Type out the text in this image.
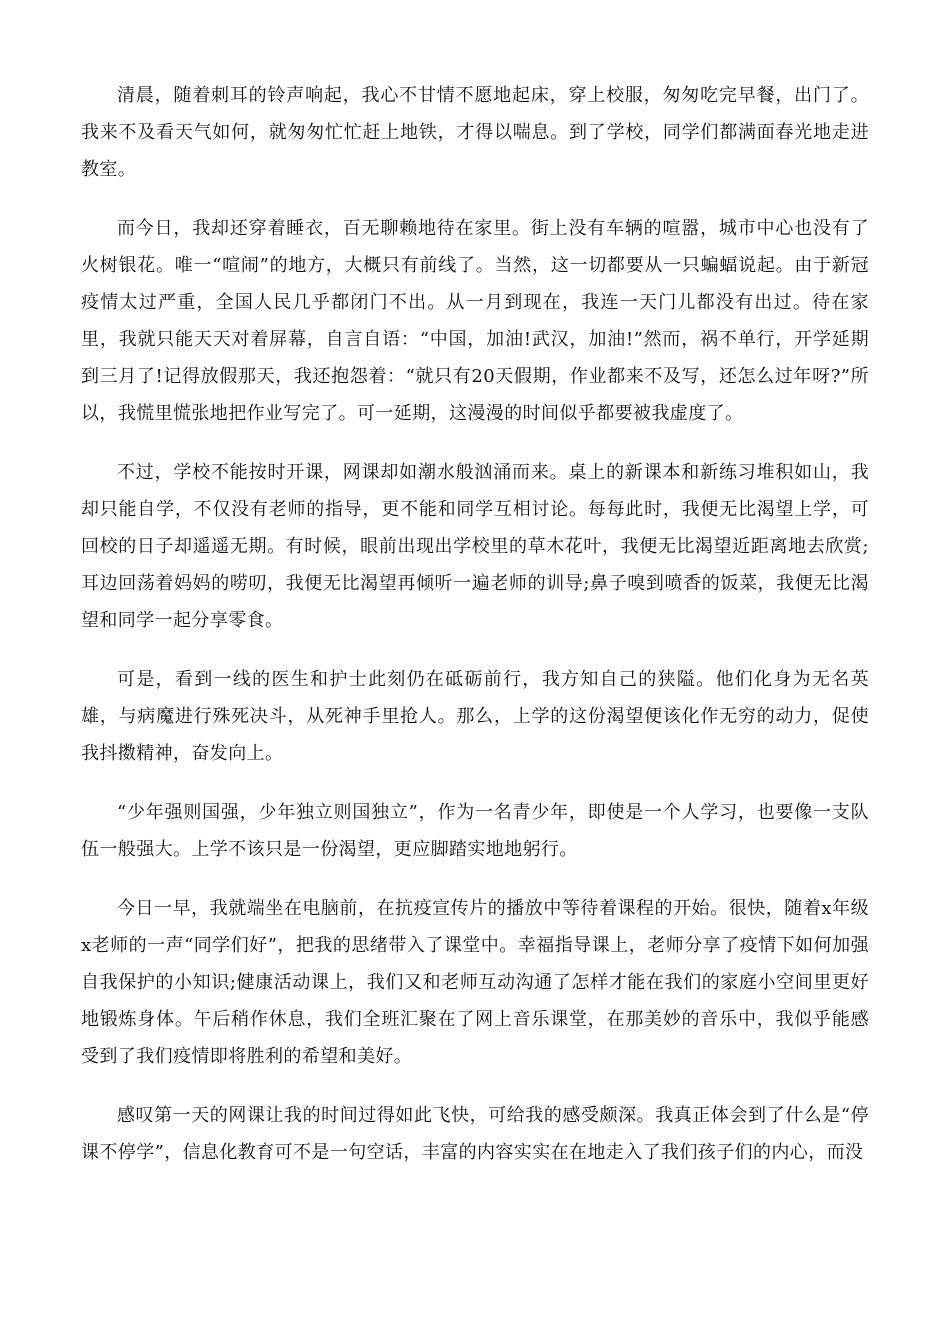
清晨，随着刺耳的铃声响起，我心不甘情不愿地起床，穿上校服，匆匆吃完早餐，出门了。我来不及看天气如何，就匆匆忙忙赶上地铁，才得以喘息。到了学校，同学们都满面春光地走进教室。

而今日，我却还穿着睡衣，百无聊赖地待在家里。街上没有车辆的喧嚣，城市中心也没有了火树银花。唯一“喧闹”的地方，大概只有前线了。当然，这一切都要从一只蝙蝠说起。由于新冠疫情太过严重，全国人民几乎都闭门不出。从一月到现在，我连一天门儿都没有出过。待在家里，我就只能天天对着屏幕，自言自语：“中国，加油!武汉，加油!”然而，祸不单行，开学延期到三月了!记得放假那天，我还抱怨着：“就只有20天假期，作业都来不及写，还怎么过年呀?”所以，我慌里慌张地把作业写完了。可一延期，这漫漫的时间似乎都要被我虚度了。

不过，学校不能按时开课，网课却如潮水般汹涌而来。桌上的新课本和新练习堆积如山，我却只能自学，不仅没有老师的指导，更不能和同学互相讨论。每每此时，我便无比渴望上学，可回校的日子却遥遥无期。有时候，眼前出现出学校里的草木花叶，我便无比渴望近距离地去欣赏;耳边回荡着妈妈的唠叨，我便无比渴望再倾听一遍老师的训导;鼻子嗅到喷香的饭菜，我便无比渴望和同学一起分享零食。

可是，看到一线的医生和护士此刻仍在砥砺前行，我方知自己的狭隘。他们化身为无名英雄，与病魔进行殊死决斗，从死神手里抢人。那么，上学的这份渴望便该化作无穷的动力，促使我抖擞精神，奋发向上。

“少年强则国强，少年独立则国独立”，作为一名青少年，即使是一个人学习，也要像一支队伍一般强大。上学不该只是一份渴望，更应脚踏实地地躬行。

今日一早，我就端坐在电脑前，在抗疫宣传片的播放中等待着课程的开始。很快，随着x年级x老师的一声“同学们好”，把我的思绪带入了课堂中。幸福指导课上，老师分享了疫情下如何加强自我保护的小知识;健康活动课上，我们又和老师互动沟通了怎样才能在我们的家庭小空间里更好地锻炼身体。午后稍作休息，我们全班汇聚在了网上音乐课堂，在那美妙的音乐中，我似乎能感受到了我们疫情即将胜利的希望和美好。

感叹第一天的网课让我的时间过得如此飞快，可给我的感受颇深。我真正体会到了什么是“停课不停学”，信息化教育可不是一句空话，丰富的内容实实在在地走入了我们孩子们的内心，而没
